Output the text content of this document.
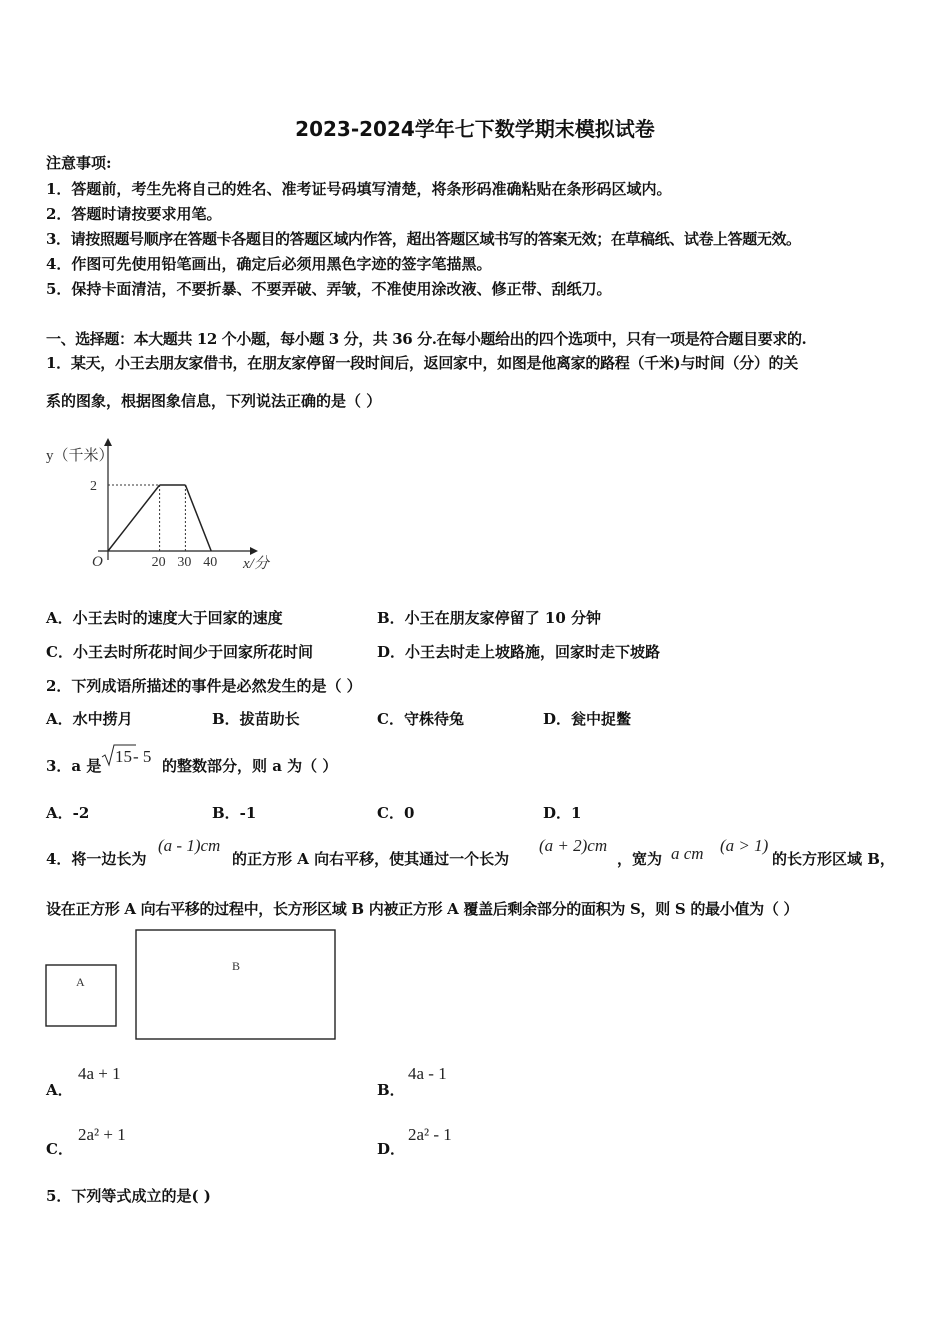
2023-2024学年七下数学期末模拟试卷
注意事项:
1．答题前，考生先将自己的姓名、准考证号码填写清楚，将条形码准确粘贴在条形码区域内。
2．答题时请按要求用笔。
3．请按照题号顺序在答题卡各题目的答题区域内作答，超出答题区域书写的答案无效；在草稿纸、试卷上答题无效。
4．作图可先使用铅笔画出，确定后必须用黑色字迹的签字笔描黑。
5．保持卡面清洁，不要折暴、不要弄破、弄皱，不准使用涂改液、修正带、刮纸刀。
一、选择题：本大题共 12 个小题，每小题 3 分，共 36 分.在每小题给出的四个选项中，只有一项是符合题目要求的.
1．某天，小王去朋友家借书，在朋友家停留一段时间后，返回家中，如图是他离家的路程（千米)与时间（分）的关
系的图象，根据图象信息，下列说法正确的是（ ）
y（千米）
x/分
O	20 30 40
2
A．小王去时的速度大于回家的速度	B．小王在朋友家停留了 10 分钟
C．小王去时所花时间少于回家所花时间	D．小王去时走上坡路施，回家时走下坡路
2．下列成语所描述的事件是必然发生的是（ ）
A．水中捞月	B．拔苗助长	C．守株待兔	D．瓮中捉鳖
3．a 是 15 - 5 的整数部分，则 a 为（ ）
A．-2	B．-1	C．0	D．1
4．将一边长为
(a - 1)cm
的正方形 A 向右平移，使其通过一个长为
(a + 2)cm
，宽为 a cm (a > 1)
的长方形区域 B，
设在正方形 A 向右平移的过程中，长方形区域 B 内被正方形 A 覆盖后剩余部分的面积为 S，则 S 的最小值为（ ）
A
B
A．
4a + 1
B．
4a - 1
C．
2a² + 1
D．
2a² - 1
5．下列等式成立的是( )
